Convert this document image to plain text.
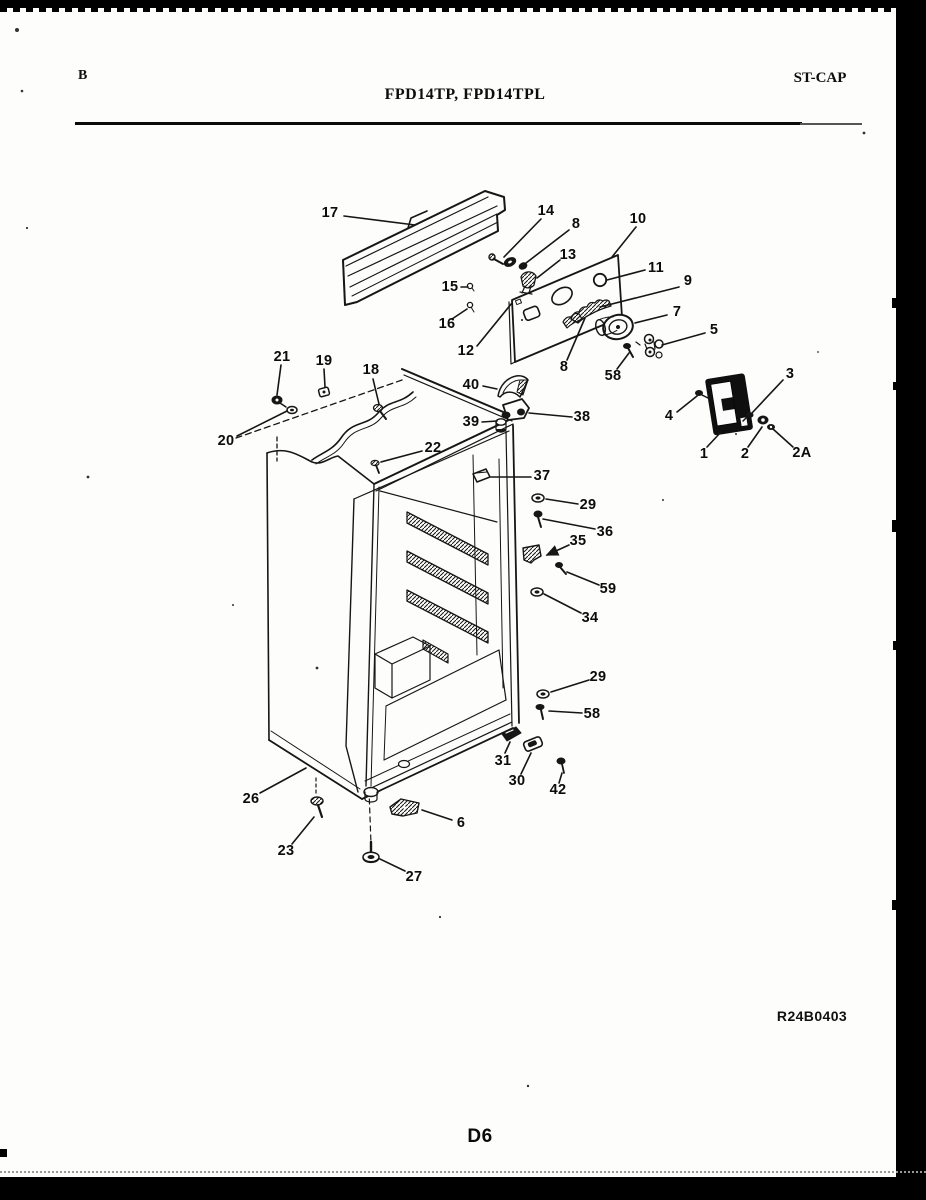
B
FPD14TP, FPD14TPL
ST-CAP
17	14
8
13
10
11
9
7
5
15
16
12
8
58	3
4
1 2	2A
21 19
18
20
40
39	38
22
37
29
36
35
59
34
29
58
31
30
42
26
23
6
27
R24B0403
D6
